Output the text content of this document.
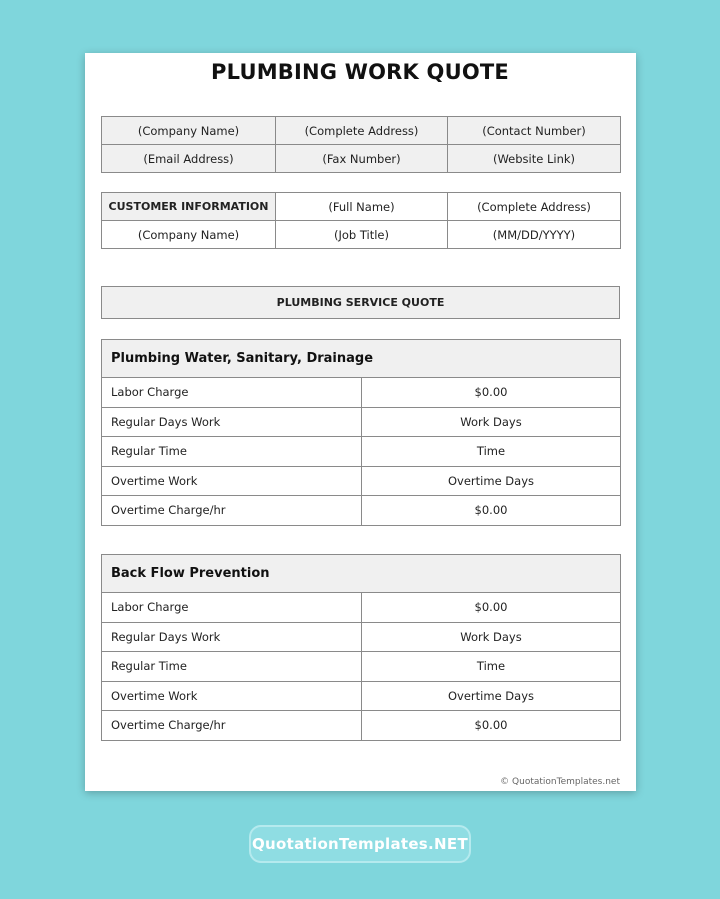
PLUMBING WORK QUOTE
(Company Name)	(Complete Address)	(Contact Number)
(Email Address)	(Fax Number)	(Website Link)
CUSTOMER INFORMATION	(Full Name)	(Complete Address)
(Company Name)	(Job Title)	(MM/DD/YYYY)
PLUMBING SERVICE QUOTE
Plumbing Water, Sanitary, Drainage	
Labor Charge	$0.00
Regular Days Work	Work Days
Regular Time	Time
Overtime Work	Overtime Days
Overtime Charge/hr	$0.00
Back Flow Prevention	
Labor Charge	$0.00
Regular Days Work	Work Days
Regular Time	Time
Overtime Work	Overtime Days
Overtime Charge/hr	$0.00
© QuotationTemplates.net
QuotationTemplates.NET
